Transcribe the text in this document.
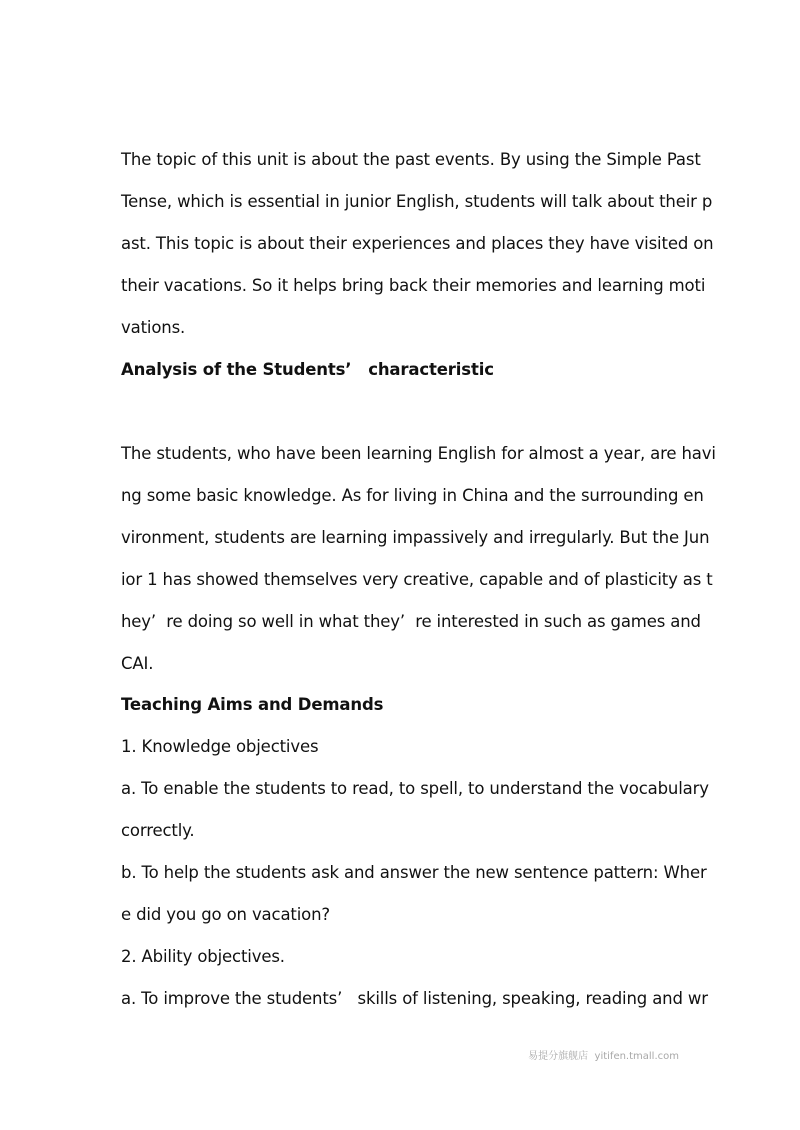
The topic of this unit is about the past events. By using the Simple Past
Tense, which is essential in junior English, students will talk about their p
ast. This topic is about their experiences and places they have visited on
their vacations. So it helps bring back their memories and learning moti
vations.
Analysis of the Students’   characteristic
The students, who have been learning English for almost a year, are havi
ng some basic knowledge. As for living in China and the surrounding en
vironment, students are learning impassively and irregularly. But the Jun
ior 1 has showed themselves very creative, capable and of plasticity as t
hey’  re doing so well in what they’  re interested in such as games and
CAI.
Teaching Aims and Demands
1. Knowledge objectives
a. To enable the students to read, to spell, to understand the vocabulary
correctly.
b. To help the students ask and answer the new sentence pattern: Wher
e did you go on vacation?
2. Ability objectives.
a. To improve the students’   skills of listening, speaking, reading and wr
易提分旗舰店  yitifen.tmall.com
